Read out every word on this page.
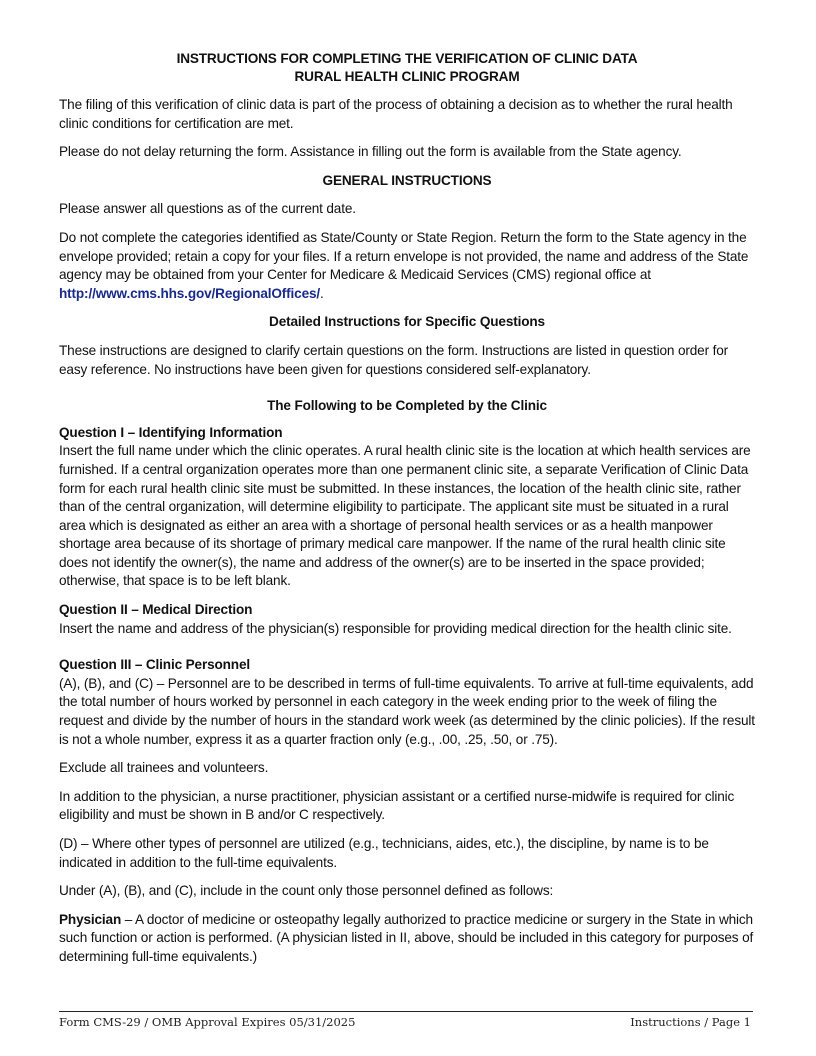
INSTRUCTIONS FOR COMPLETING THE VERIFICATION OF CLINIC DATA
RURAL HEALTH CLINIC PROGRAM

The filing of this verification of clinic data is part of the process of obtaining a decision as to whether the rural health clinic conditions for certification are met.

Please do not delay returning the form. Assistance in filling out the form is available from the State agency.

GENERAL INSTRUCTIONS

Please answer all questions as of the current date.

Do not complete the categories identified as State/County or State Region. Return the form to the State agency in the envelope provided; retain a copy for your files. If a return envelope is not provided, the name and address of the State agency may be obtained from your Center for Medicare & Medicaid Services (CMS) regional office at http://www.cms.hhs.gov/RegionalOffices/.

Detailed Instructions for Specific Questions

These instructions are designed to clarify certain questions on the form. Instructions are listed in question order for easy reference. No instructions have been given for questions considered self-explanatory.

The Following to be Completed by the Clinic

Question I – Identifying Information
Insert the full name under which the clinic operates. A rural health clinic site is the location at which health services are furnished. If a central organization operates more than one permanent clinic site, a separate Verification of Clinic Data form for each rural health clinic site must be submitted. In these instances, the location of the health clinic site, rather than of the central organization, will determine eligibility to participate. The applicant site must be situated in a rural area which is designated as either an area with a shortage of personal health services or as a health manpower shortage area because of its shortage of primary medical care manpower. If the name of the rural health clinic site does not identify the owner(s), the name and address of the owner(s) are to be inserted in the space provided; otherwise, that space is to be left blank.

Question II – Medical Direction
Insert the name and address of the physician(s) responsible for providing medical direction for the health clinic site.

Question III – Clinic Personnel
(A), (B), and (C) – Personnel are to be described in terms of full-time equivalents. To arrive at full-time equivalents, add the total number of hours worked by personnel in each category in the week ending prior to the week of filing the request and divide by the number of hours in the standard work week (as determined by the clinic policies). If the result is not a whole number, express it as a quarter fraction only (e.g., .00, .25, .50, or .75).

Exclude all trainees and volunteers.

In addition to the physician, a nurse practitioner, physician assistant or a certified nurse-midwife is required for clinic eligibility and must be shown in B and/or C respectively.

(D) – Where other types of personnel are utilized (e.g., technicians, aides, etc.), the discipline, by name is to be indicated in addition to the full-time equivalents.

Under (A), (B), and (C), include in the count only those personnel defined as follows:

Physician – A doctor of medicine or osteopathy legally authorized to practice medicine or surgery in the State in which such function or action is performed. (A physician listed in II, above, should be included in this category for purposes of determining full-time equivalents.)

Form CMS-29 / OMB Approval Expires 05/31/2025	Instructions / Page 1
